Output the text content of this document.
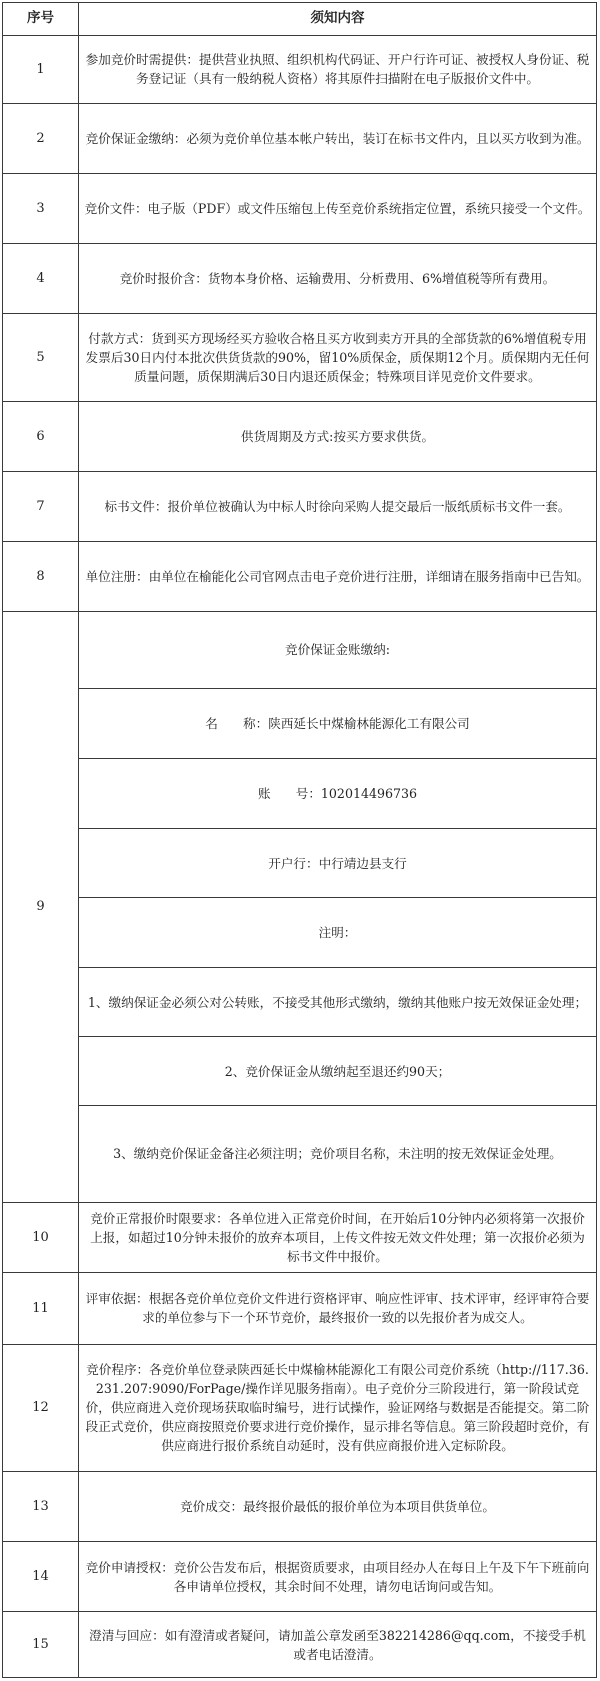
序号	须知内容
1	参加竞价时需提供：提供营业执照、组织机构代码证、开户行许可证、被授权人身份证、税务登记证（具有一般纳税人资格）将其原件扫描附在电子版报价文件中。
2	竞价保证金缴纳：必须为竞价单位基本帐户转出，装订在标书文件内，且以买方收到为准。
3	竞价文件：电子版（PDF）或文件压缩包上传至竞价系统指定位置，系统只接受一个文件。
4	竞价时报价含：货物本身价格、运输费用、分析费用、6%增值税等所有费用。
5	付款方式：货到买方现场经买方验收合格且买方收到卖方开具的全部货款的6%增值税专用发票后30日内付本批次供货货款的90%，留10%质保金，质保期12个月。质保期内无任何质量问题，质保期满后30日内退还质保金；特殊项目详见竞价文件要求。
6	供货周期及方式:按买方要求供货。
7	标书文件：报价单位被确认为中标人时徐向采购人提交最后一版纸质标书文件一套。
8	单位注册：由单位在榆能化公司官网点击电子竞价进行注册，详细请在服务指南中已告知。
9	
竞价保证金账缴纳:
名　　称：陕西延长中煤榆林能源化工有限公司
账　　号：102014496736
开户行：中行靖边县支行
注明：
1、缴纳保证金必须公对公转账，不接受其他形式缴纳，缴纳其他账户按无效保证金处理；
2、竞价保证金从缴纳起至退还约90天；
3、缴纳竞价保证金备注必须注明；竞价项目名称，未注明的按无效保证金处理。

10	竞价正常报价时限要求：各单位进入正常竞价时间，在开始后10分钟内必须将第一次报价上报，如超过10分钟未报价的放弃本项目，上传文件按无效文件处理；第一次报价必须为标书文件中报价。
11	评审依据：根据各竞价单位竞价文件进行资格评审、响应性评审、技术评审，经评审符合要求的单位参与下一个环节竞价，最终报价一致的以先报价者为成交人。
12	竞价程序：各竞价单位登录陕西延长中煤榆林能源化工有限公司竞价系统（http://117.36.231.207:9090/ForPage/操作详见服务指南）。电子竞价分三阶段进行，第一阶段试竞价，供应商进入竞价现场获取临时编号，进行试操作，验证网络与数据是否能提交。第二阶段正式竞价，供应商按照竞价要求进行竞价操作，显示排名等信息。第三阶段超时竞价，有供应商进行报价系统自动延时，没有供应商报价进入定标阶段。
13	竞价成交：最终报价最低的报价单位为本项目供货单位。
14	竞价申请授权：竞价公告发布后，根据资质要求，由项目经办人在每日上午及下午下班前向各申请单位授权，其余时间不处理，请勿电话询问或告知。
15	澄清与回应：如有澄清或者疑问，请加盖公章发函至382214286@qq.com，不接受手机或者电话澄清。
